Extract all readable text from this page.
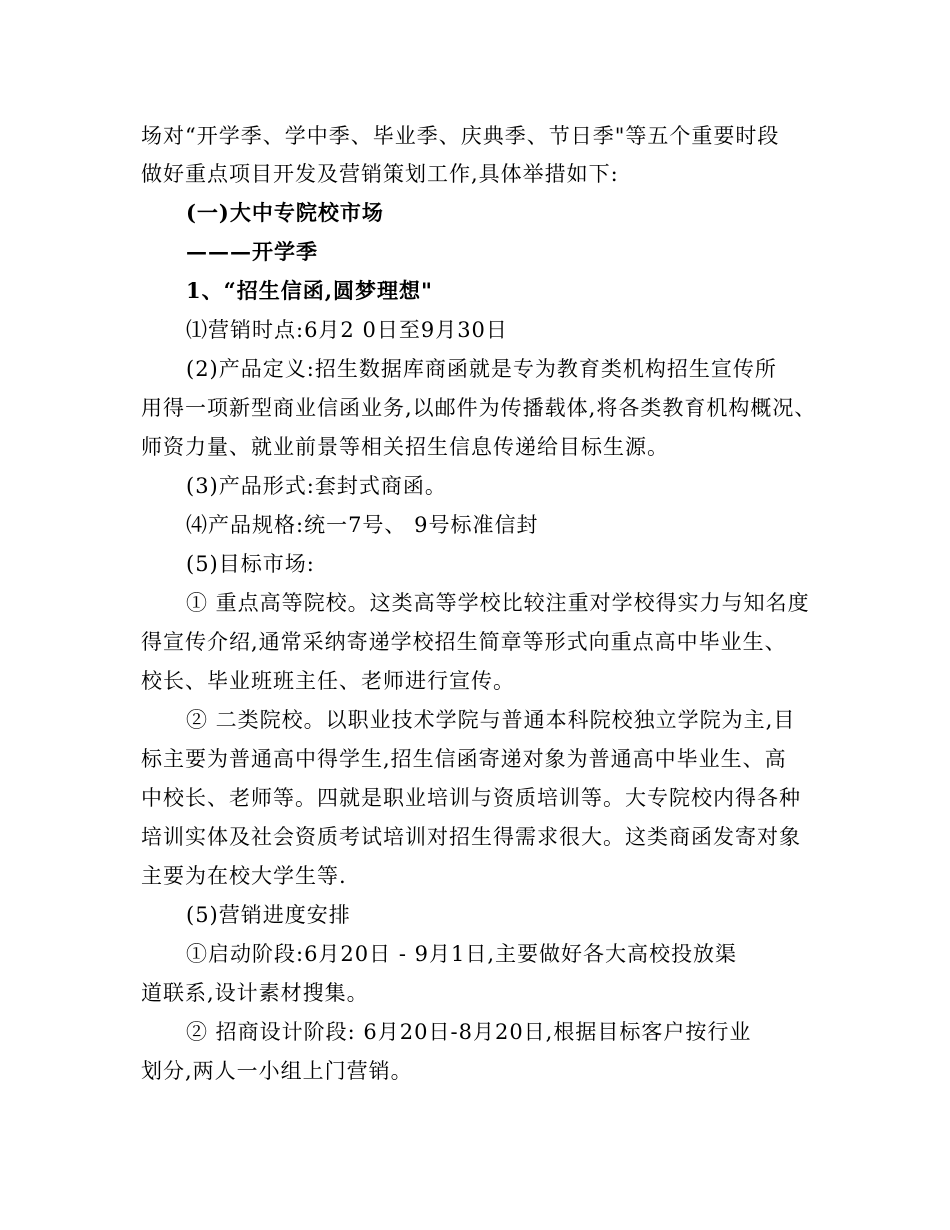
场对“开学季、学中季、毕业季、庆典季、节日季"等五个重要时段
做好重点项目开发及营销策划工作,具体举措如下:
(一)大中专院校市场
———开学季
1、“招生信函,圆梦理想"
⑴营销时点:6月2 0日至9月30日
(2)产品定义:招生数据库商函就是专为教育类机构招生宣传所
用得一项新型商业信函业务,以邮件为传播载体,将各类教育机构概况、
师资力量、就业前景等相关招生信息传递给目标生源。
(3)产品形式:套封式商函。
⑷产品规格:统一7号、 9号标准信封
(5)目标市场:
① 重点高等院校。这类高等学校比较注重对学校得实力与知名度
得宣传介绍,通常采纳寄递学校招生简章等形式向重点高中毕业生、
校长、毕业班班主任、老师进行宣传。
② 二类院校。以职业技术学院与普通本科院校独立学院为主,目
标主要为普通高中得学生,招生信函寄递对象为普通高中毕业生、高
中校长、老师等。四就是职业培训与资质培训等。大专院校内得各种
培训实体及社会资质考试培训对招生得需求很大。这类商函发寄对象
主要为在校大学生等.
(5)营销进度安排
①启动阶段:6月20日 - 9月1日,主要做好各大高校投放渠
道联系,设计素材搜集。
② 招商设计阶段: 6月20日-8月20日,根据目标客户按行业
划分,两人一小组上门营销。
